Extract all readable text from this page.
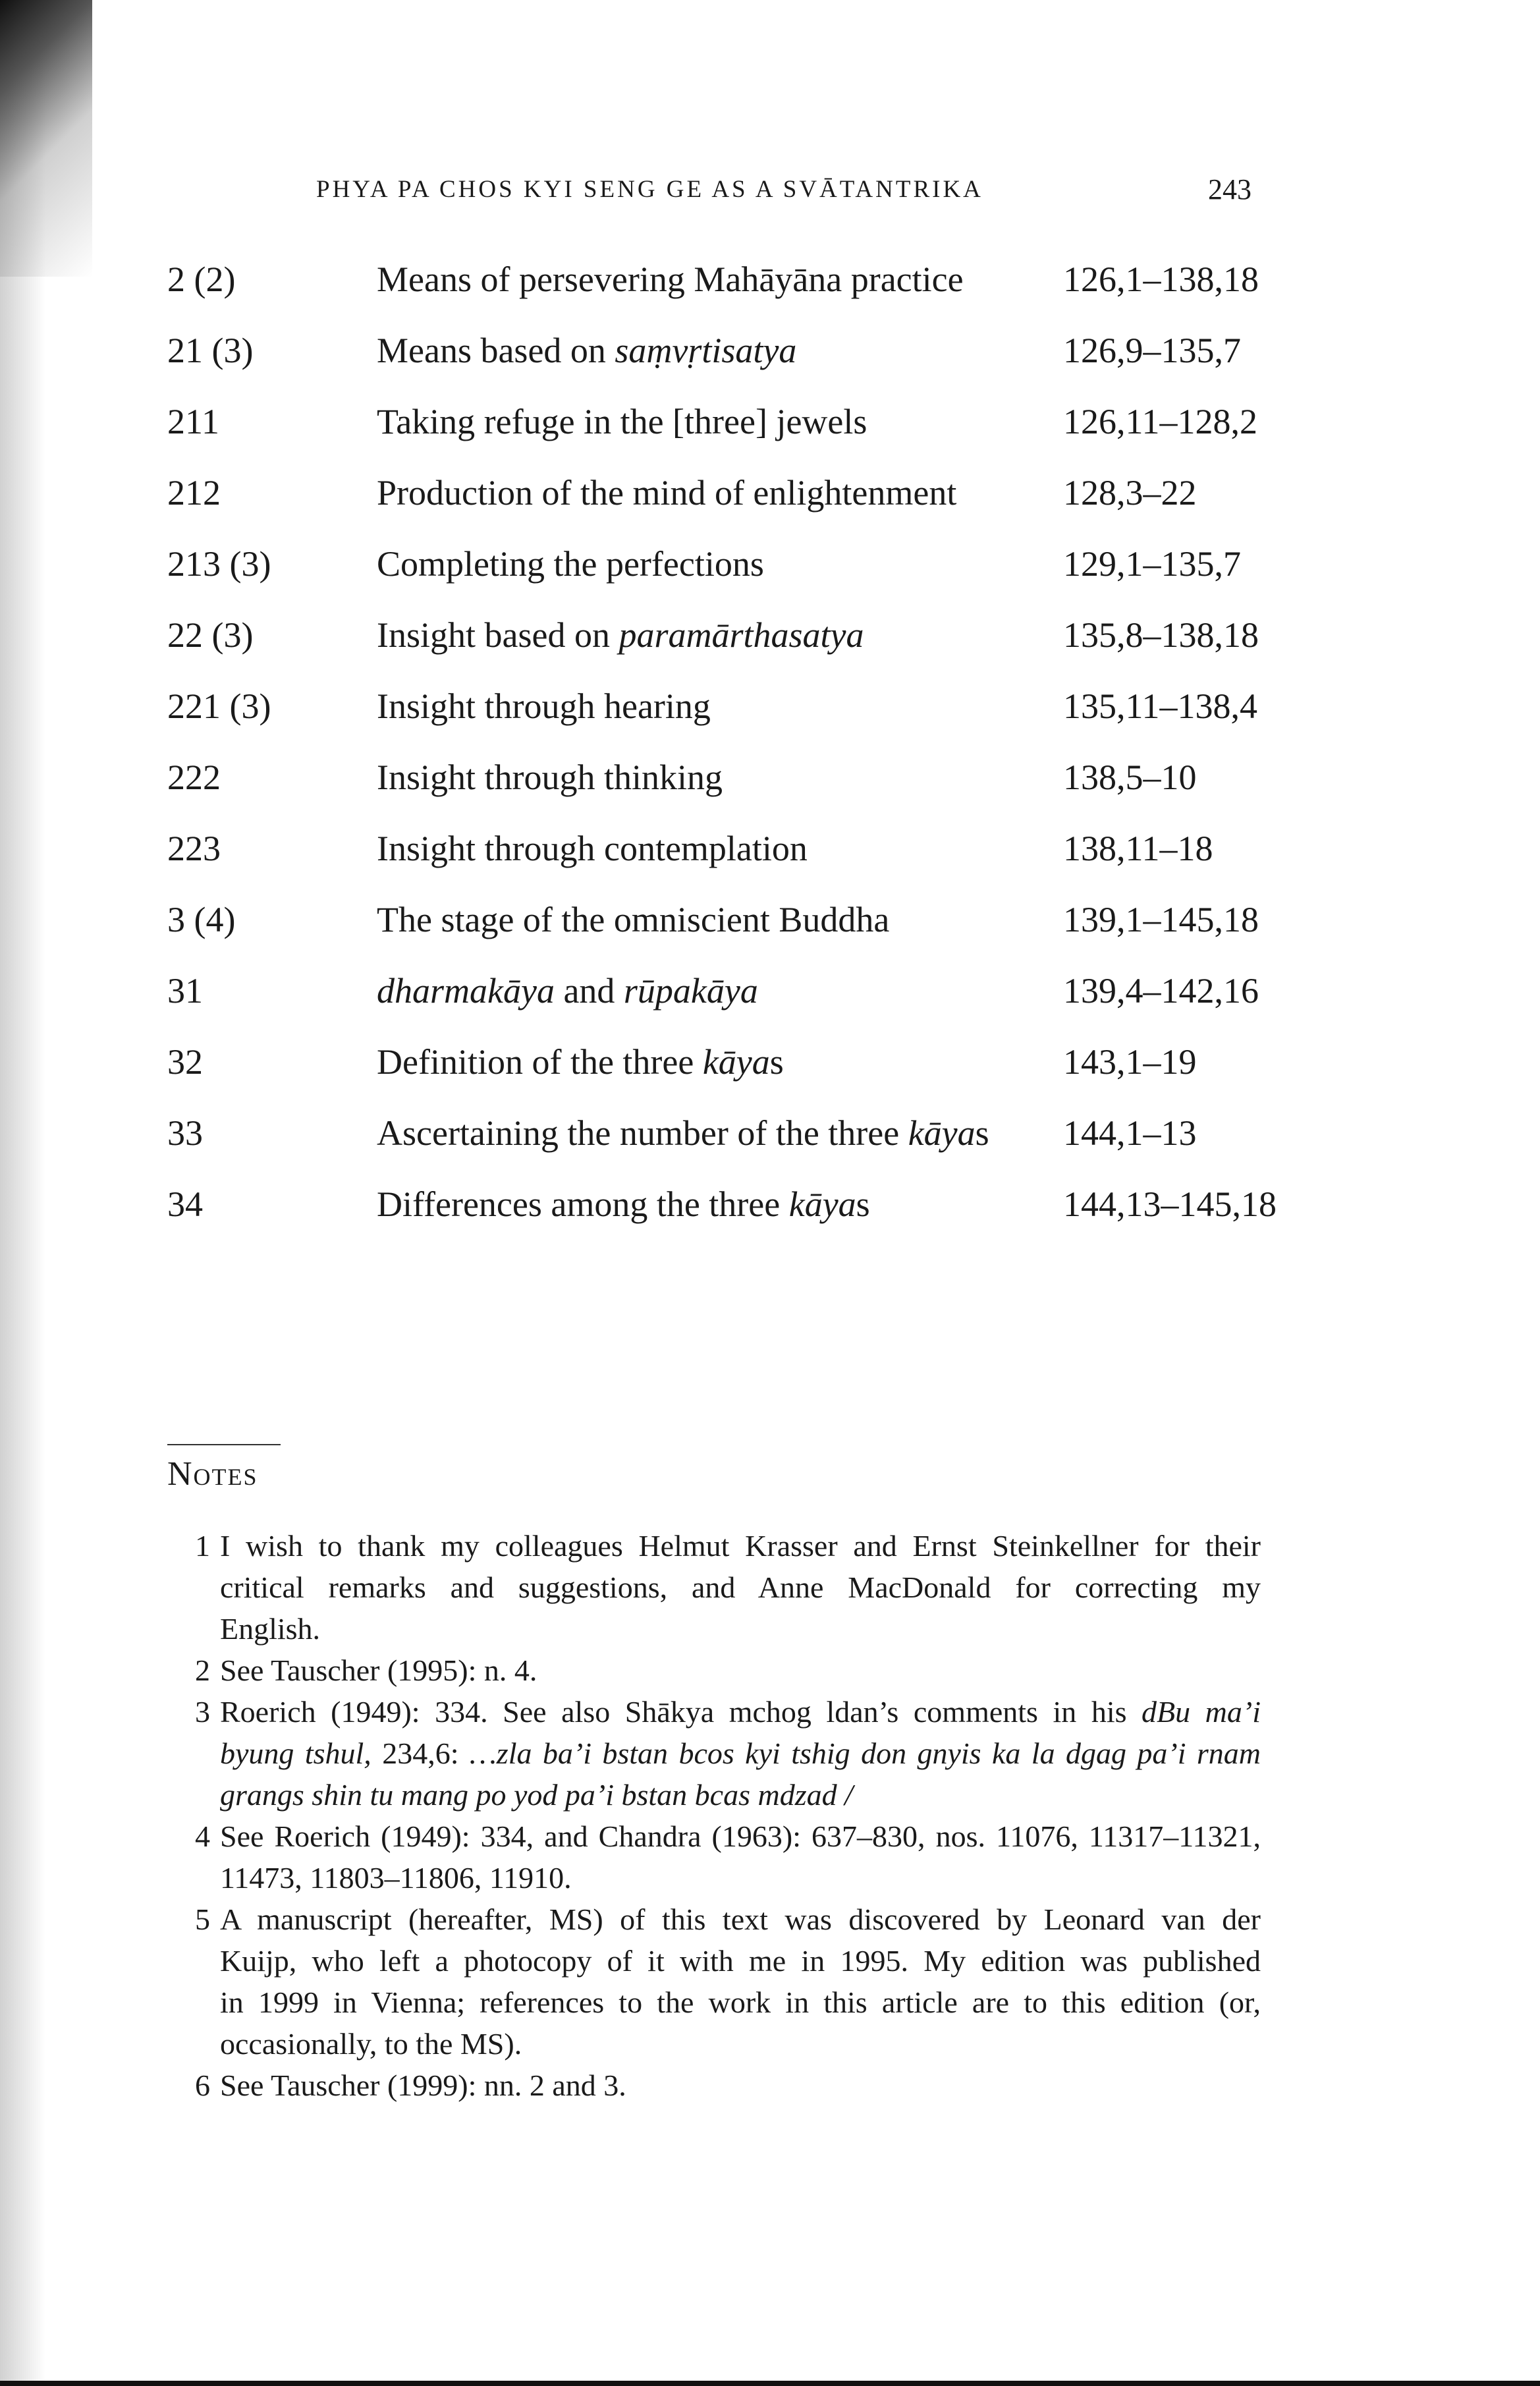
PHYA PA CHOS KYI SENG GE AS A SVĀTANTRIKA	243
2 (2)	Means of persevering Mahāyāna practice	126,1–138,18
21 (3)	Means based on saṃvṛtisatya	126,9–135,7
211	Taking refuge in the [three] jewels	126,11–128,2
212	Production of the mind of enlightenment	128,3–22
213 (3)	Completing the perfections	129,1–135,7
22 (3)	Insight based on paramārthasatya	135,8–138,18
221 (3)	Insight through hearing	135,11–138,4
222	Insight through thinking	138,5–10
223	Insight through contemplation	138,11–18
3 (4)	The stage of the omniscient Buddha	139,1–145,18
31	dharmakāya and rūpakāya	139,4–142,16
32	Definition of the three kāyas	143,1–19
33	Ascertaining the number of the three kāyas 144,1–13
34	Differences among the three kāyas	144,13–145,18
Notes
1 I wish to thank my colleagues Helmut Krasser and Ernst Steinkellner for their
critical remarks and suggestions, and Anne MacDonald for correcting my
English.
2 See Tauscher (1995): n. 4.
3 Roerich (1949): 334. See also Shākya mchog ldan’s comments in his dBu ma’i
byung tshul, 234,6: …zla ba’i bstan bcos kyi tshig don gnyis ka la dgag pa’i rnam
grangs shin tu mang po yod pa’i bstan bcas mdzad /
4 See Roerich (1949): 334, and Chandra (1963): 637–830, nos. 11076, 11317–11321,
11473, 11803–11806, 11910.
5 A manuscript (hereafter, MS) of this text was discovered by Leonard van der
Kuijp, who left a photocopy of it with me in 1995. My edition was published
in 1999 in Vienna; references to the work in this article are to this edition (or,
occasionally, to the MS).
6 See Tauscher (1999): nn. 2 and 3.
